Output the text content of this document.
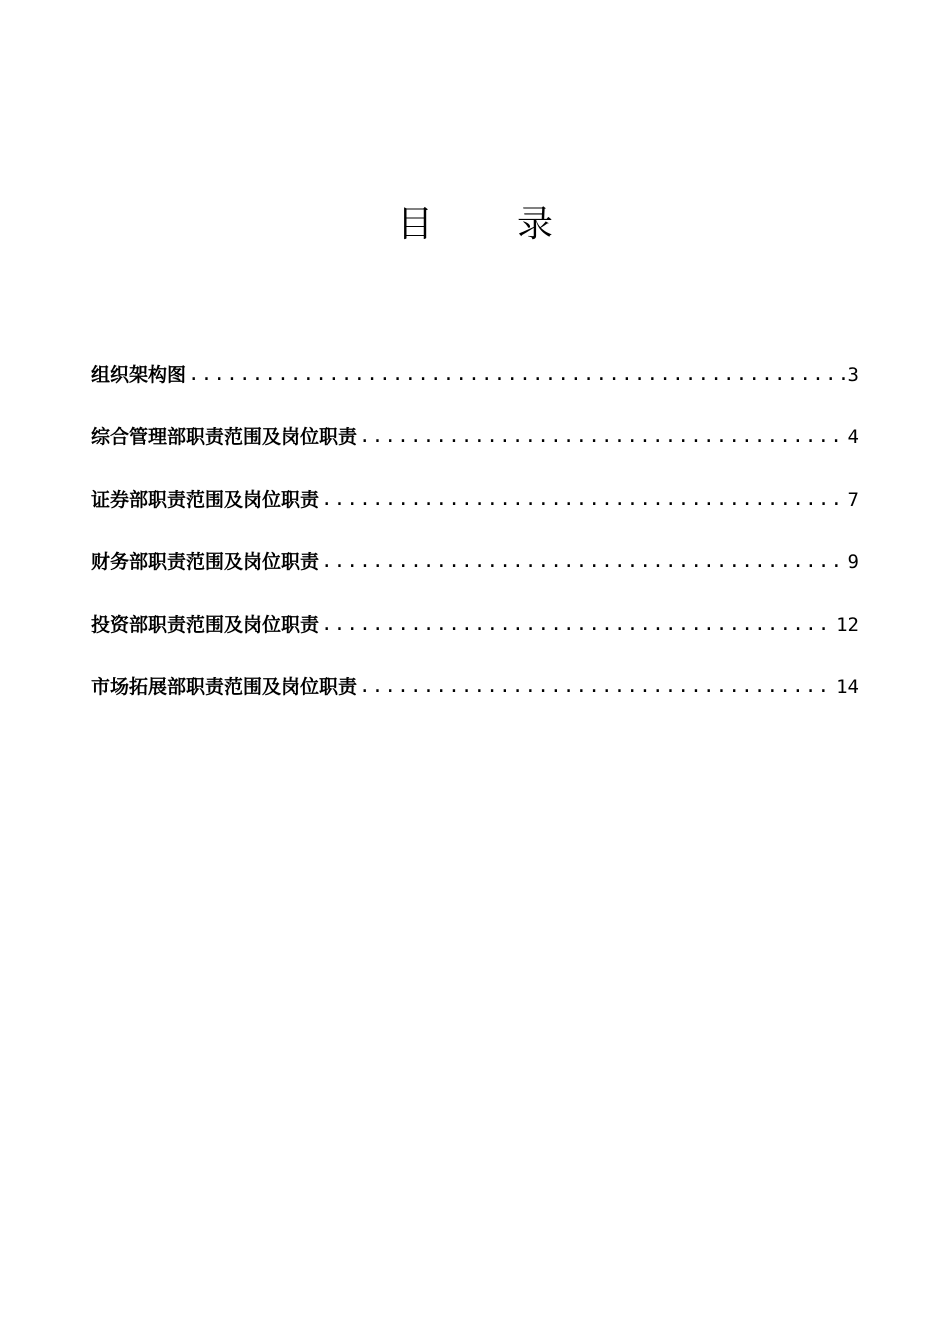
目 录
组织架构图 .....	3
综合管理部职责范围及岗位职责 .....	4
证券部职责范围及岗位职责 .....	7
财务部职责范围及岗位职责 .....	9
投资部职责范围及岗位职责 .....	12
市场拓展部职责范围及岗位职责 .....	14
